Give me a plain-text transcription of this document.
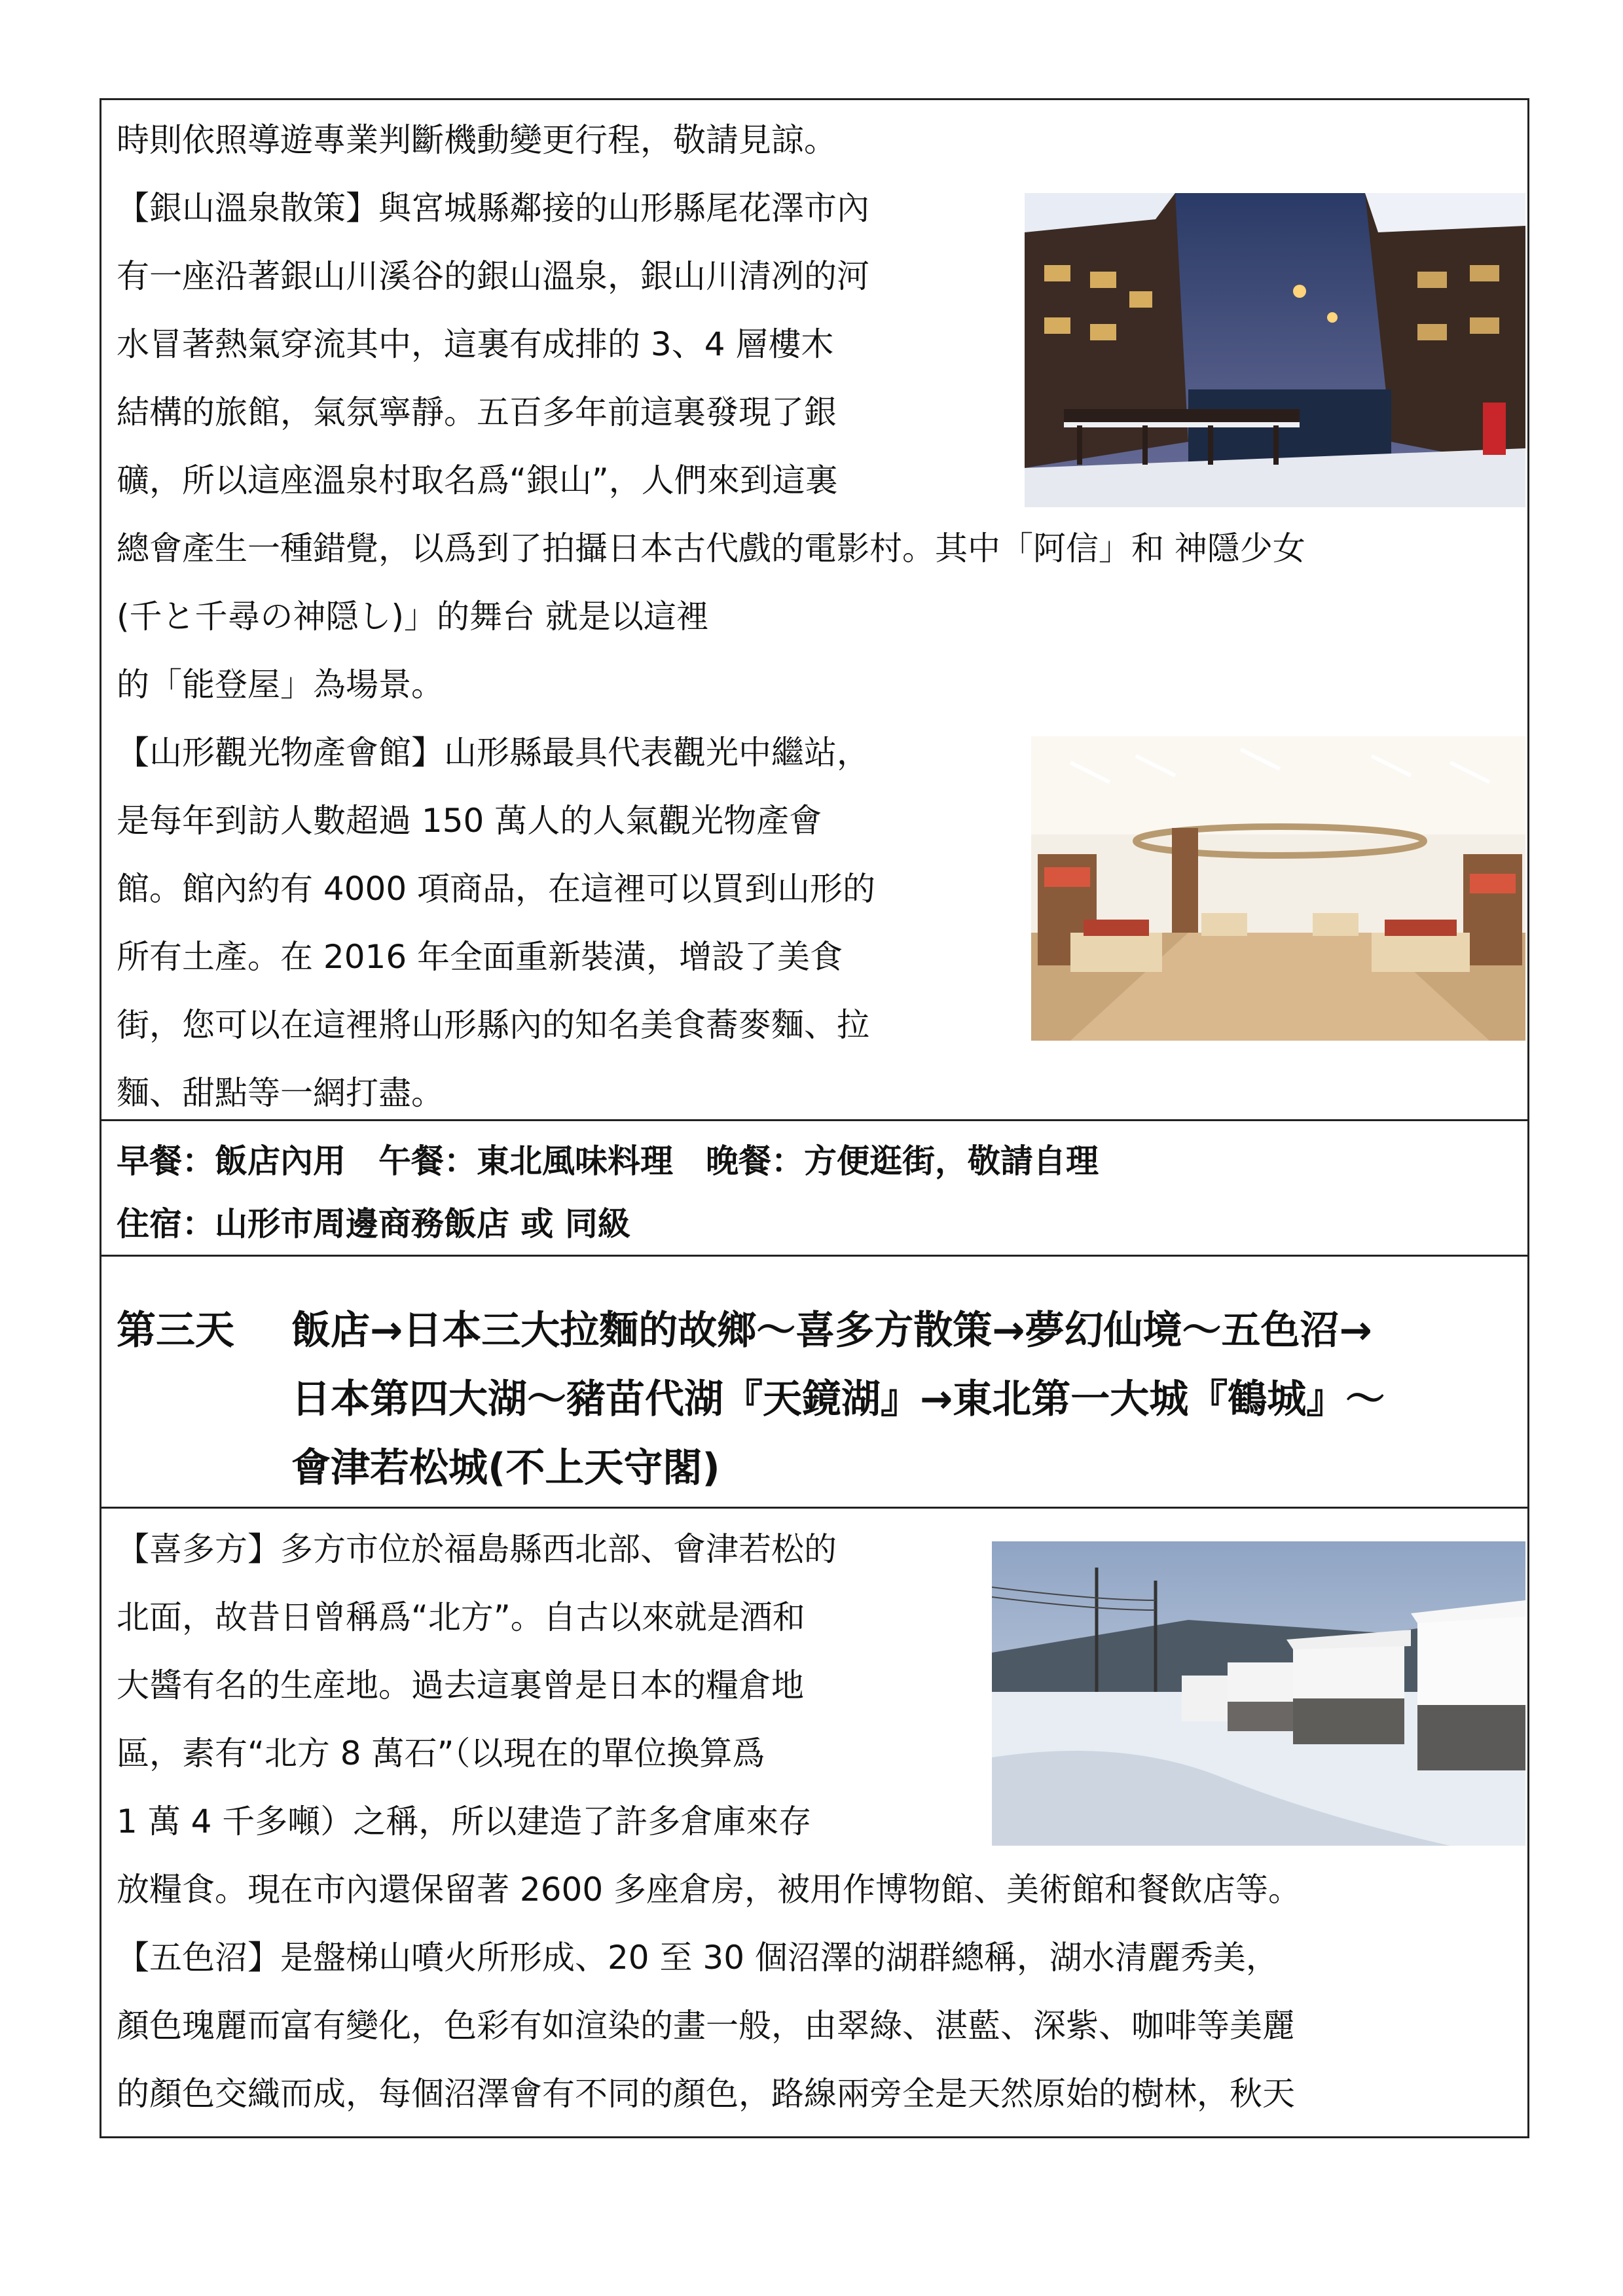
時則依照導遊專業判斷機動變更行程，敬請見諒。
【銀山溫泉散策】與宮城縣鄰接的山形縣尾花澤市內
有一座沿著銀山川溪谷的銀山溫泉，銀山川清冽的河
水冒著熱氣穿流其中，這裏有成排的 3、4 層樓木
結構的旅館，氣氛寧靜。五百多年前這裏發現了銀
礦，所以這座溫泉村取名爲“銀山”，人們來到這裏
總會產生一種錯覺，以爲到了拍攝日本古代戲的電影村。其中「阿信」和 神隱少女
(千と千尋の神隠し)」的舞台 就是以這裡
的「能登屋」為場景。
【山形觀光物產會館】山形縣最具代表觀光中繼站，
是每年到訪人數超過 150 萬人的人氣觀光物產會
館。館內約有 4000 項商品，在這裡可以買到山形的
所有土產。在 2016 年全面重新裝潢，增設了美食
街，您可以在這裡將山形縣內的知名美食蕎麥麵、拉
麵、甜點等一網打盡。
早餐：飯店內用　午餐：東北風味料理　晚餐：方便逛街，敬請自理
住宿：山形市周邊商務飯店 或 同級
第三天 飯店→日本三大拉麵的故鄉～喜多方散策→夢幻仙境～五色沼→
日本第四大湖～豬苗代湖『天鏡湖』→東北第一大城『鶴城』～
會津若松城(不上天守閣)
【喜多方】多方市位於福島縣西北部、會津若松的
北面，故昔日曾稱爲“北方”。自古以來就是酒和
大醬有名的生産地。過去這裏曾是日本的糧倉地
區，素有“北方 8 萬石”（以現在的單位換算爲
1 萬 4 千多噸）之稱，所以建造了許多倉庫來存
放糧食。現在市內還保留著 2600 多座倉房，被用作博物館、美術館和餐飲店等。
【五色沼】是盤梯山噴火所形成、20 至 30 個沼澤的湖群總稱，湖水清麗秀美，
顏色瑰麗而富有變化，色彩有如渲染的畫一般，由翠綠、湛藍、深紫、咖啡等美麗
的顏色交織而成，每個沼澤會有不同的顏色，路線兩旁全是天然原始的樹林，秋天
